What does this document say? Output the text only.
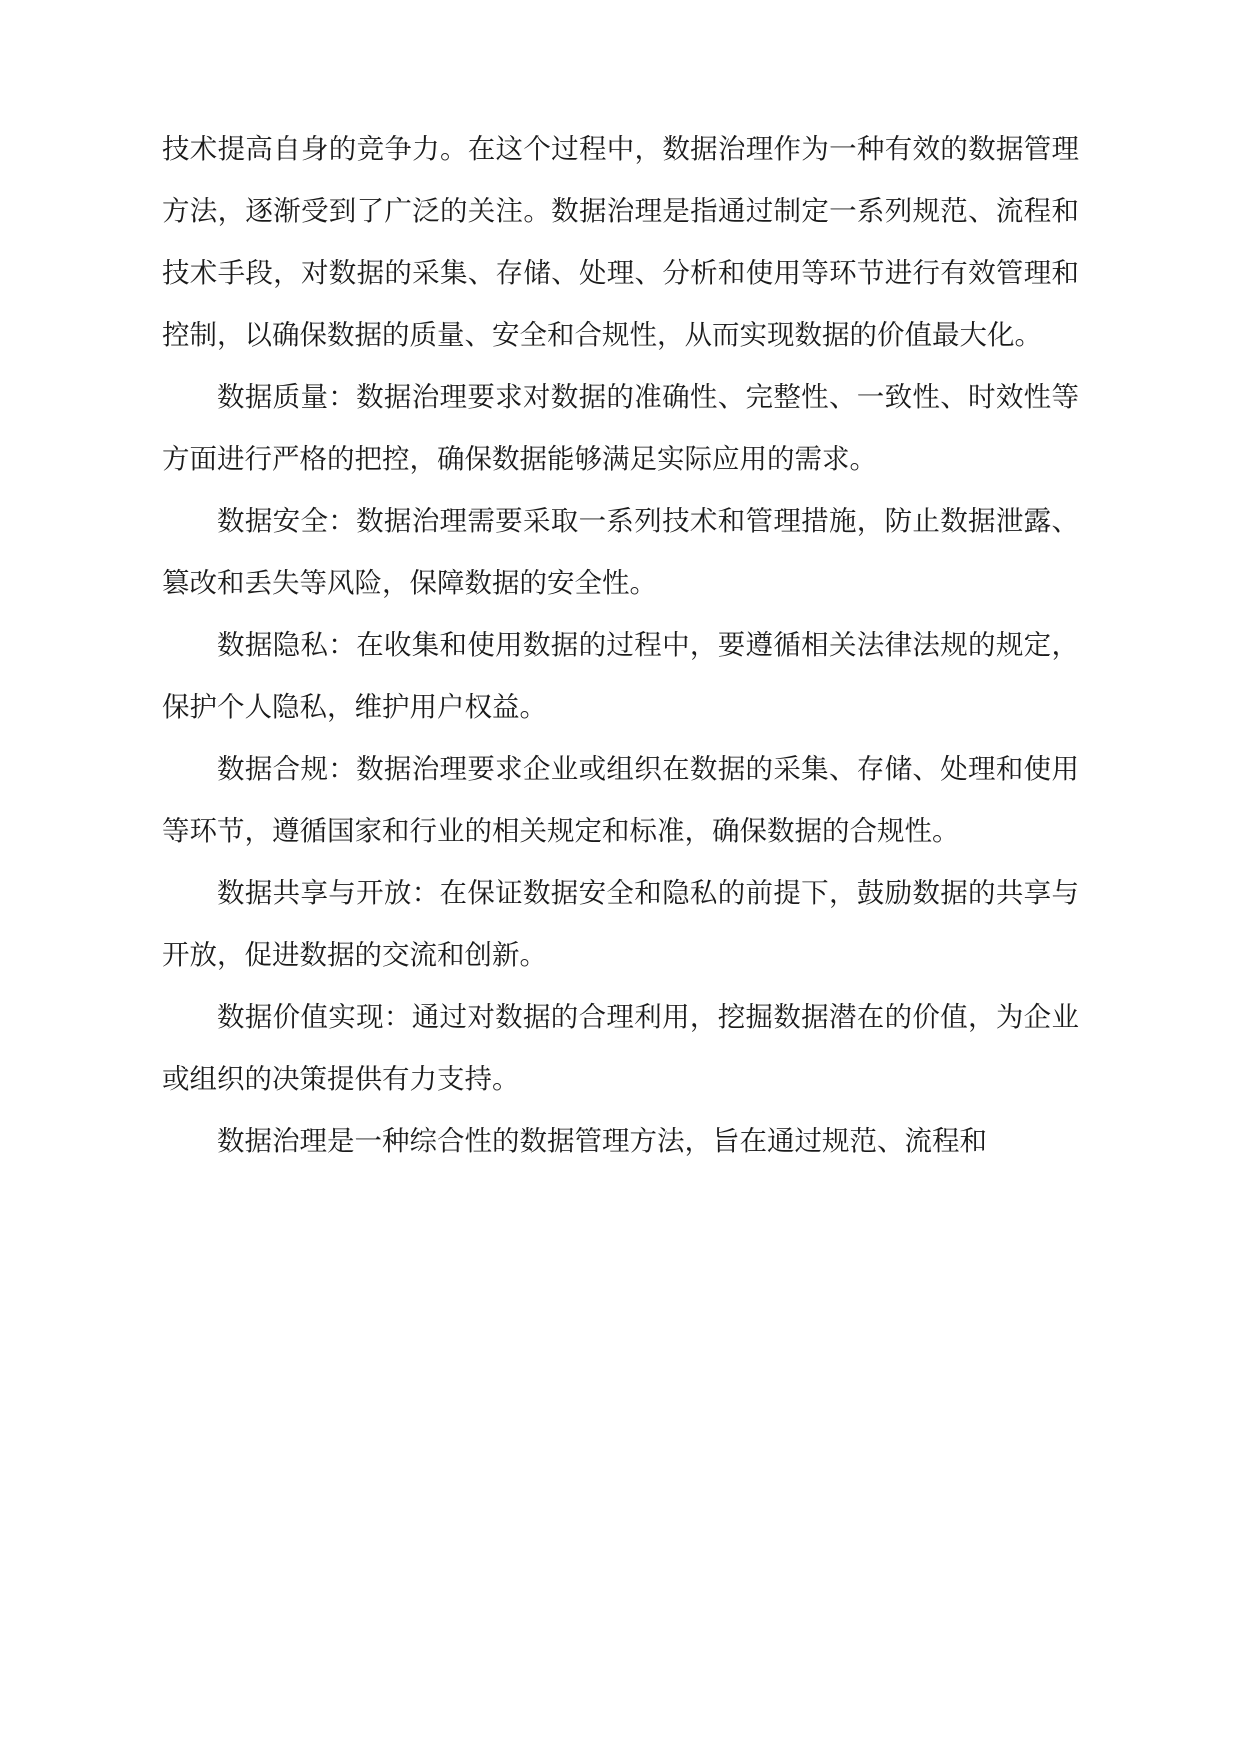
技术提高自身的竞争力。在这个过程中，数据治理作为一种有效的数据管理方法，逐渐受到了广泛的关注。数据治理是指通过制定一系列规范、流程和技术手段，对数据的采集、存储、处理、分析和使用等环节进行有效管理和控制，以确保数据的质量、安全和合规性，从而实现数据的价值最大化。

数据质量：数据治理要求对数据的准确性、完整性、一致性、时效性等方面进行严格的把控，确保数据能够满足实际应用的需求。

数据安全：数据治理需要采取一系列技术和管理措施，防止数据泄露、篡改和丢失等风险，保障数据的安全性。

数据隐私：在收集和使用数据的过程中，要遵循相关法律法规的规定，保护个人隐私，维护用户权益。

数据合规：数据治理要求企业或组织在数据的采集、存储、处理和使用等环节，遵循国家和行业的相关规定和标准，确保数据的合规性。

数据共享与开放：在保证数据安全和隐私的前提下，鼓励数据的共享与开放，促进数据的交流和创新。

数据价值实现：通过对数据的合理利用，挖掘数据潜在的价值，为企业或组织的决策提供有力支持。

数据治理是一种综合性的数据管理方法，旨在通过规范、流程和
